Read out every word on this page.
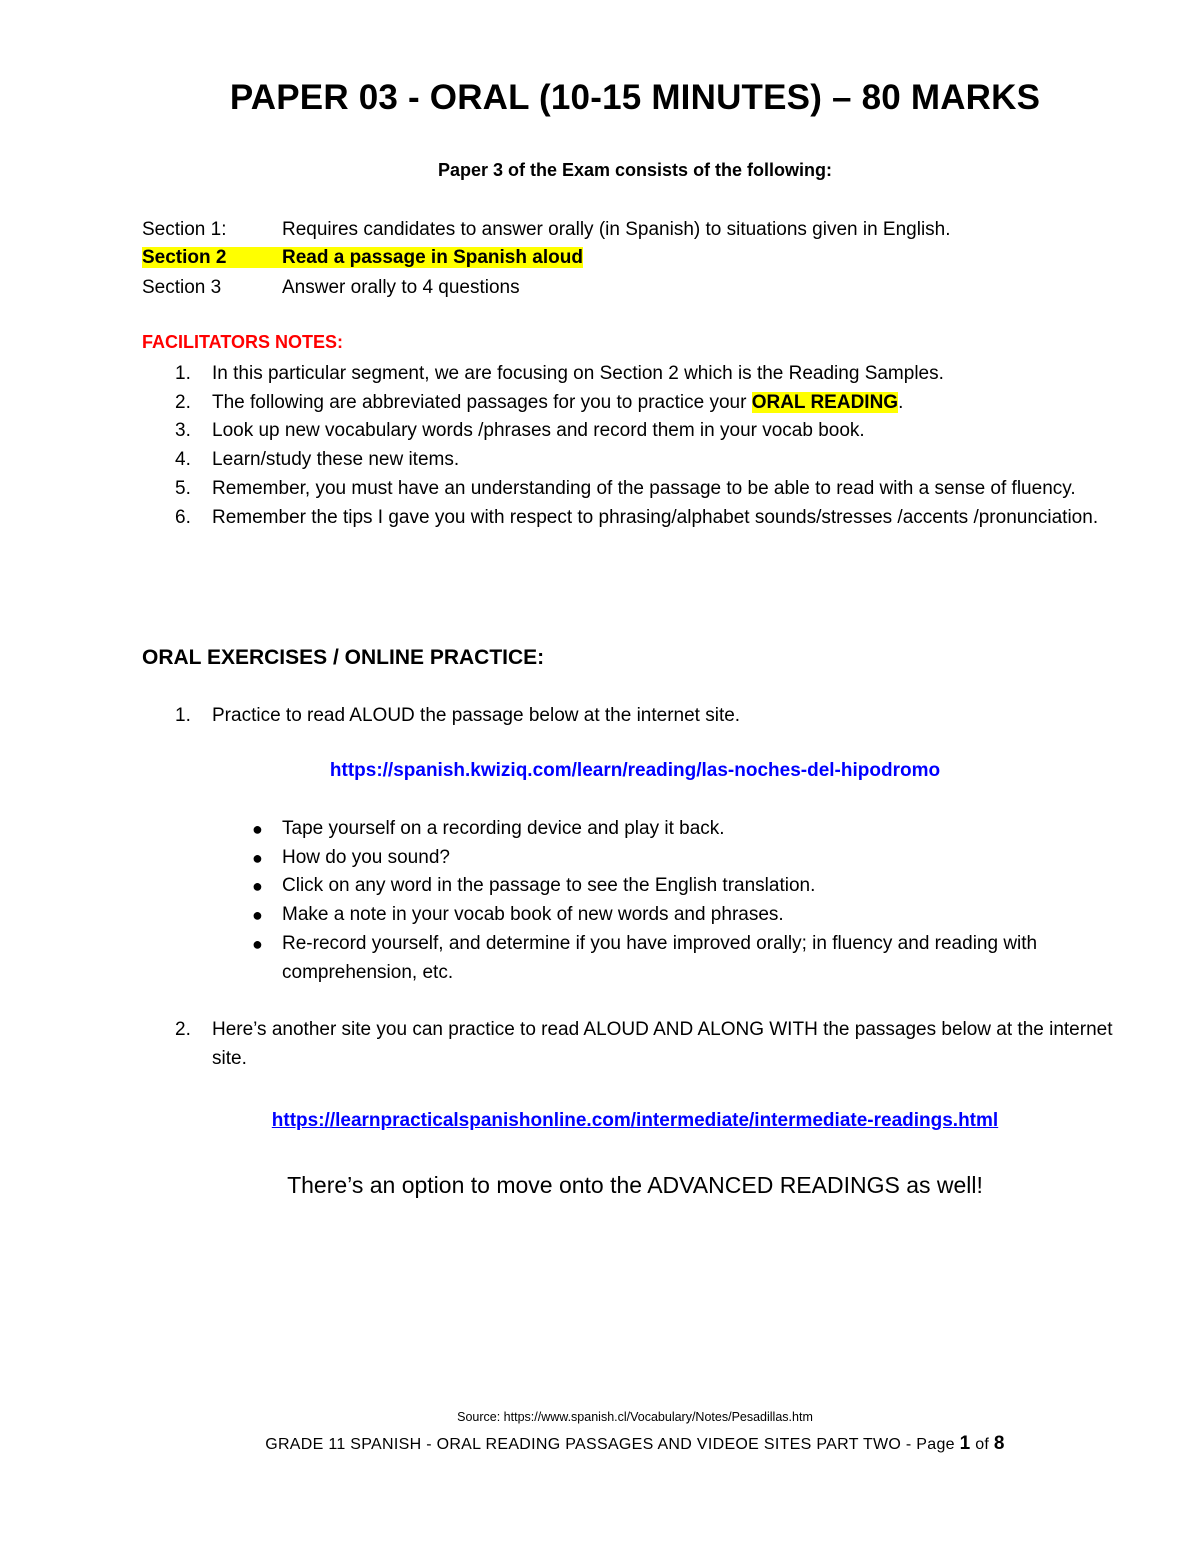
PAPER 03 - ORAL (10-15 MINUTES) – 80 MARKS
Paper 3 of the Exam consists of the following:
Section 1:	Requires candidates to answer orally (in Spanish) to situations given in English.
Section 2	Read a passage in Spanish aloud
Section 3	Answer orally to 4 questions
FACILITATORS NOTES:
1. In this particular segment, we are focusing on Section 2 which is the Reading Samples.
2. The following are abbreviated passages for you to practice your ORAL READING.
3. Look up new vocabulary words /phrases and record them in your vocab book.
4. Learn/study these new items.
5. Remember, you must have an understanding of the passage to be able to read with a sense of fluency.
6. Remember the tips I gave you with respect to phrasing/alphabet sounds/stresses /accents /pronunciation.
ORAL EXERCISES / ONLINE PRACTICE:
1. Practice to read ALOUD the passage below at the internet site.
https://spanish.kwiziq.com/learn/reading/las-noches-del-hipodromo
● Tape yourself on a recording device and play it back.
● How do you sound?
● Click on any word in the passage to see the English translation.
● Make a note in your vocab book of new words and phrases.
● Re-record yourself, and determine if you have improved orally; in fluency and reading with comprehension, etc.
2. Here’s another site you can practice to read ALOUD AND ALONG WITH the passages below at the internet site.
https://learnpracticalspanishonline.com/intermediate/intermediate-readings.html
There’s an option to move onto the ADVANCED READINGS as well!
Source: https://www.spanish.cl/Vocabulary/Notes/Pesadillas.htm
GRADE 11 SPANISH - ORAL READING PASSAGES AND VIDEOE SITES PART TWO - Page 1 of 8
